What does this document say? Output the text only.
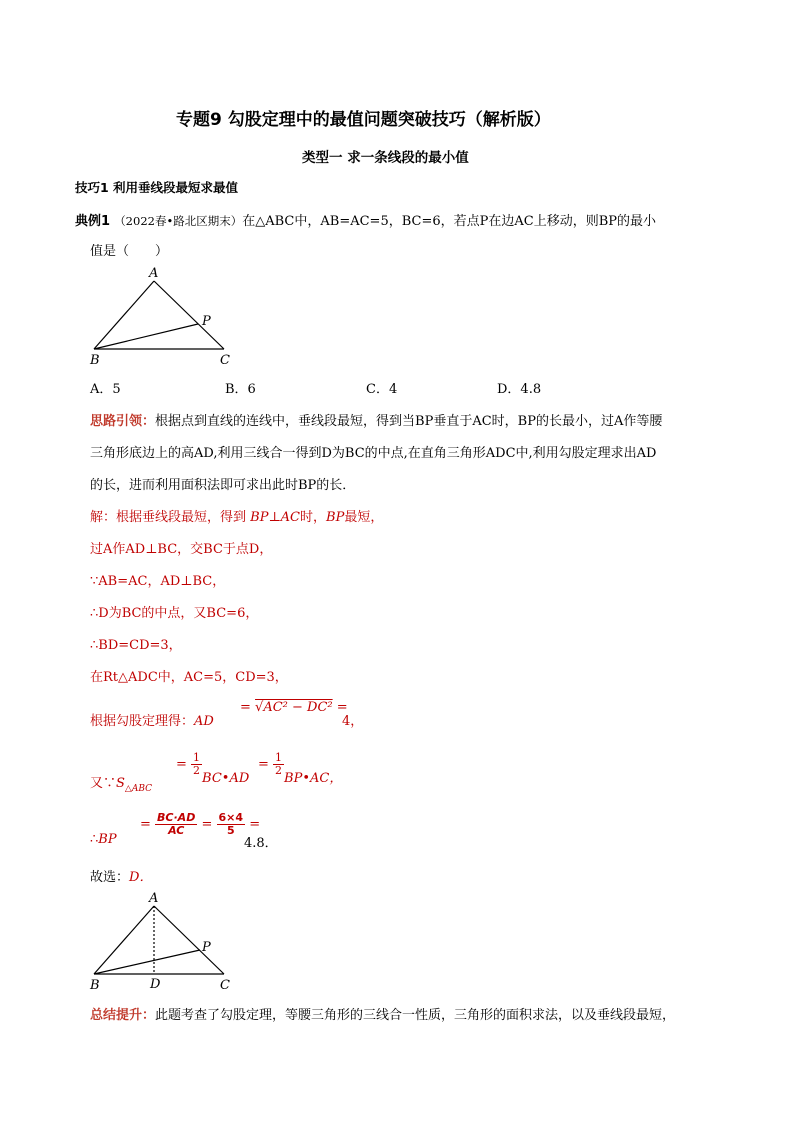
专题9 勾股定理中的最值问题突破技巧（解析版）
类型一 求一条线段的最小值
技巧1 利用垂线段最短求最值
典例1 （2022春•路北区期末）在△ABC中，AB=AC=5，BC=6，若点P在边AC上移动，则BP的最小
值是（　　）
A
P
B	C
A．5	B．6	C．4	D．4.8
思路引领：根据点到直线的连线中，垂线段最短，得到当BP垂直于AC时，BP的长最小，过A作等腰
三角形底边上的高AD,利用三线合一得到D为BC的中点,在直角三角形ADC中,利用勾股定理求出AD
的长，进而利用面积法即可求出此时BP的长．
解：根据垂线段最短，得到 BP⊥AC时，BP最短，
过A作AD⊥BC，交BC于点D，
∵AB=AC，AD⊥BC，
∴D为BC的中点，又BC=6，
∴BD=CD=3，
在Rt△ADC中，AC=5，CD=3，
根据勾股定理得：AD
= √AC² − DC² =
4，
又$\because S_{\triangle ABC}$
= $\frac{1}{2}$
BC•AD
= $\frac{1}{2}$
BP•AC，
∴BP
= $\frac{BC\cdot AD}{AC} = \frac{6\times 4}{5}$ =
4.8．
故选：D．
A
P
B	D	C
总结提升：此题考查了勾股定理，等腰三角形的三线合一性质，三角形的面积求法，以及垂线段最短，
